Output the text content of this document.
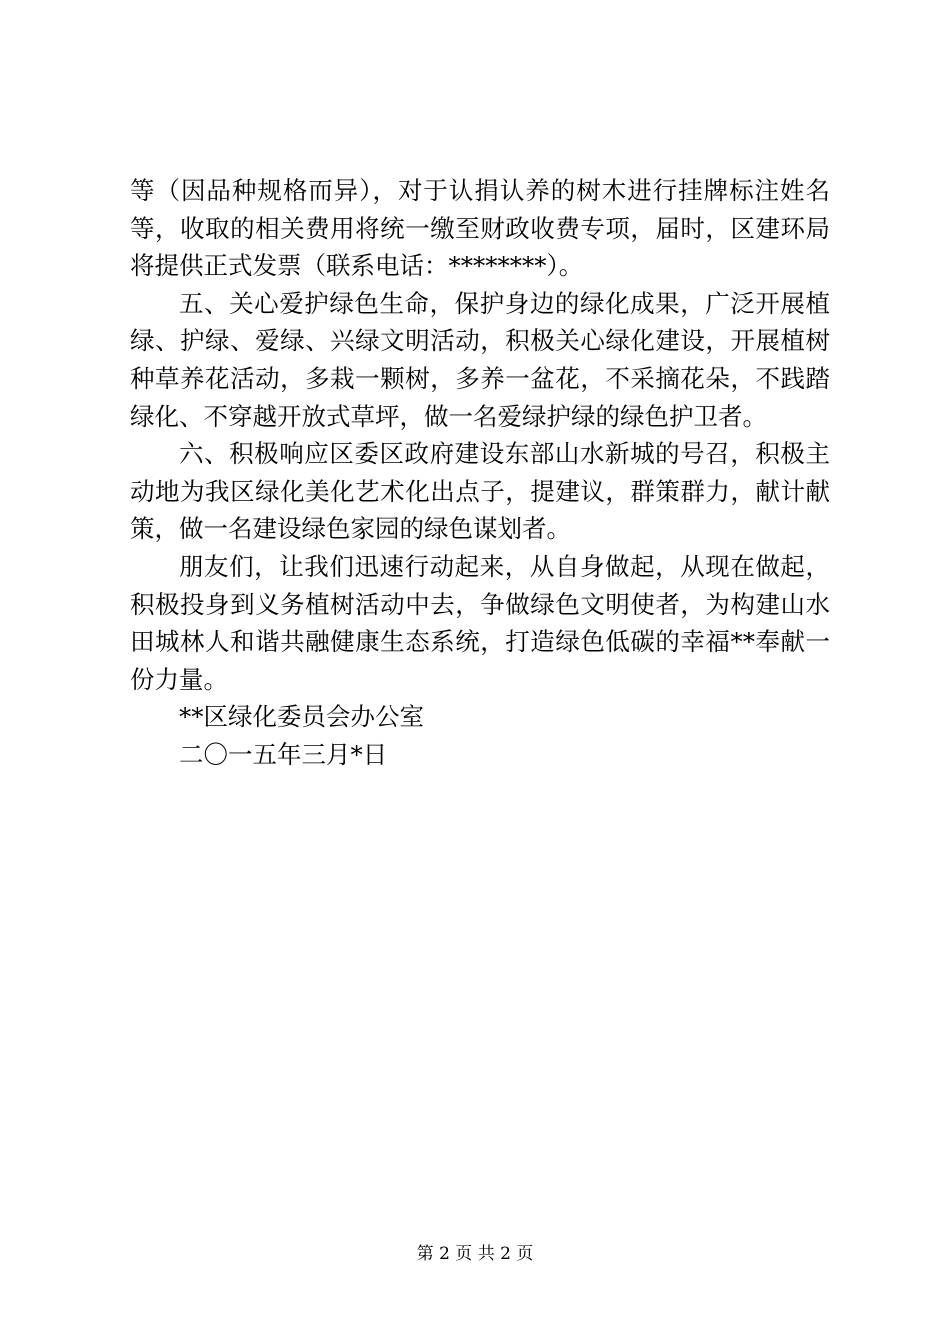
等（因品种规格而异），对于认捐认养的树木进行挂牌标注姓名等，收取的相关费用将统一缴至财政收费专项，届时，区建环局将提供正式发票（联系电话：********）。

五、关心爱护绿色生命，保护身边的绿化成果，广泛开展植绿、护绿、爱绿、兴绿文明活动，积极关心绿化建设，开展植树种草养花活动，多栽一颗树，多养一盆花，不采摘花朵，不践踏绿化、不穿越开放式草坪，做一名爱绿护绿的绿色护卫者。

六、积极响应区委区政府建设东部山水新城的号召，积极主动地为我区绿化美化艺术化出点子，提建议，群策群力，献计献策，做一名建设绿色家园的绿色谋划者。

朋友们，让我们迅速行动起来，从自身做起，从现在做起，积极投身到义务植树活动中去，争做绿色文明使者，为构建山水田城林人和谐共融健康生态系统，打造绿色低碳的幸福**奉献一份力量。

**区绿化委员会办公室

二〇一五年三月*日

第 2 页 共 2 页
